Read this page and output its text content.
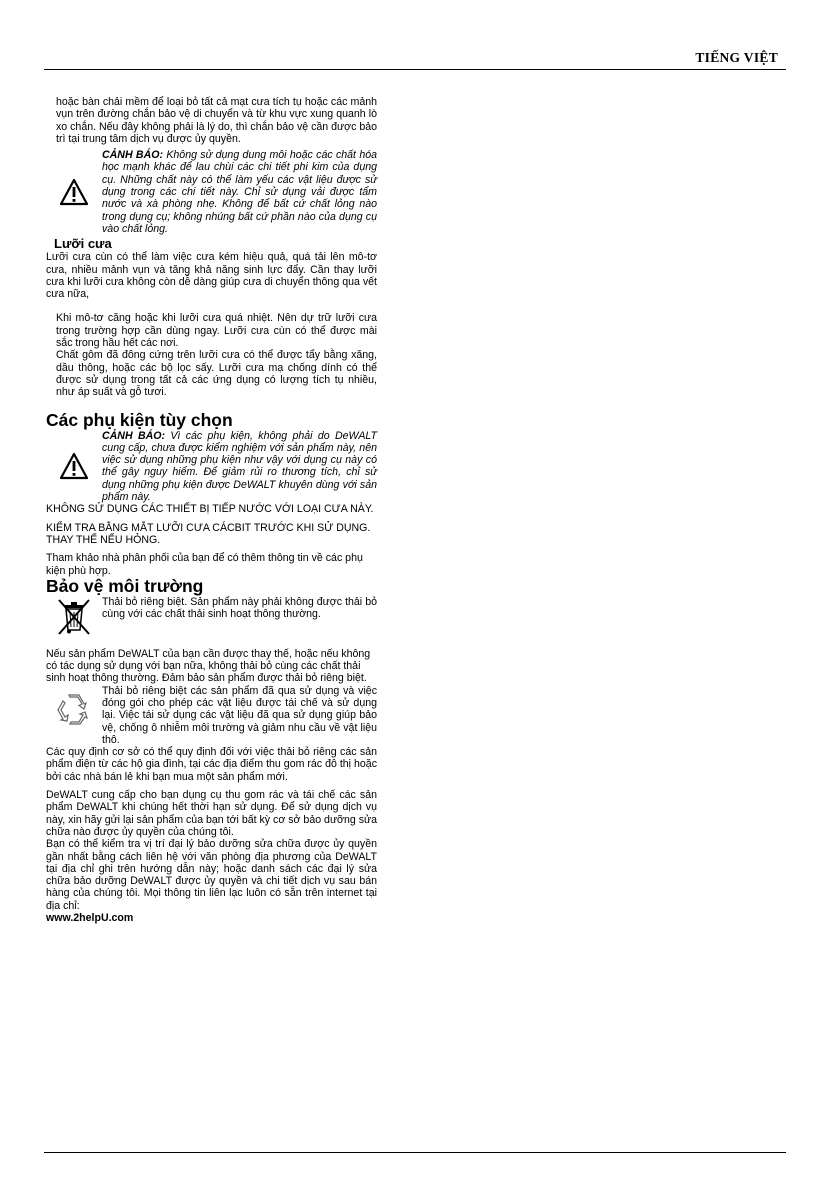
TIẾNG VIỆT

hoặc bàn chải mềm để loại bỏ tất cả mạt cưa tích tụ hoặc các mảnh vụn trên đường chắn bảo vệ di chuyển và từ khu vực xung quanh lò xo chắn. Nếu đây không phải là lý do, thì chắn bảo vệ cần được bảo trì tại trung tâm dịch vụ được ủy quyền.

CẢNH BÁO: Không sử dụng dung môi hoặc các chất hóa học mạnh khác để lau chùi các chi tiết phi kim của dụng cụ. Những chất này có thể làm yếu các vật liệu được sử dụng trong các chi tiết này. Chỉ sử dụng vải được tẩm nước và xà phòng nhẹ. Không để bất cứ chất lỏng nào trong dụng cụ; không nhúng bất cứ phần nào của dụng cụ vào chất lỏng.

Lưỡi cưa

Lưỡi cưa cùn có thể làm việc cưa kém hiệu quả, quá tải lên mô-tơ cưa, nhiều mảnh vụn và tăng khả năng sinh lực đẩy. Cần thay lưỡi cưa khi lưỡi cưa không còn dễ dàng giúp cưa di chuyển thông qua vết cưa nữa,

Khi mô-tơ căng hoặc khi lưỡi cưa quá nhiệt. Nên dự trữ lưỡi cưa trong trường hợp cần dùng ngay. Lưỡi cưa cùn có thể được mài sắc trong hầu hết các nơi.

Chất gôm đã đông cứng trên lưỡi cưa có thể được tẩy bằng xăng, dầu thông, hoặc các bộ lọc sấy. Lưỡi cưa mạ chống dính có thể được sử dụng trong tất cả các ứng dụng có lượng tích tụ nhiều, như áp suất và gỗ tươi.

Các phụ kiện tùy chọn

CẢNH BÁO: Vì các phụ kiện, không phải do DeWALT cung cấp, chưa được kiểm nghiệm với sản phẩm này, nên việc sử dụng những phụ kiện như vậy với dụng cụ này có thể gây nguy hiểm. Để giảm rủi ro thương tích, chỉ sử dụng những phụ kiện được DeWALT khuyên dùng với sản phẩm này.

KHÔNG SỬ DỤNG CÁC THIẾT BỊ TIẾP NƯỚC VỚI LOẠI CƯA NÀY.

KIỂM TRA BẰNG MẮT LƯỠI CƯA CÁCBIT TRƯỚC KHI SỬ DỤNG. THAY THẾ NẾU HỎNG.

Tham khảo nhà phân phối của bạn để có thêm thông tin về các phụ kiện phù hợp.

Bảo vệ môi trường

Thải bỏ riêng biệt. Sản phẩm này phải không được thải bỏ cùng với các chất thải sinh hoạt thông thường.

Nếu sản phẩm DeWALT của bạn cần được thay thế, hoặc nếu không có tác dụng sử dụng với bạn nữa, không thải bỏ cùng các chất thải sinh hoạt thông thường. Đảm bảo sản phẩm được thải bỏ riêng biệt.

Thải bỏ riêng biệt các sản phẩm đã qua sử dụng và việc đóng gói cho phép các vật liệu được tái chế và sử dụng lại. Việc tái sử dụng các vật liệu đã qua sử dụng giúp bảo vệ, chống ô nhiễm môi trường và giảm nhu cầu về vật liệu thô.

Các quy định cơ sở có thể quy định đối với việc thải bỏ riêng các sản phẩm điện từ các hộ gia đình, tại các địa điểm thu gom rác đô thị hoặc bởi các nhà bán lẻ khi bạn mua một sản phẩm mới.

DeWALT cung cấp cho bạn dụng cụ thu gom rác và tái chế các sản phẩm DeWALT khi chúng hết thời hạn sử dụng. Để sử dụng dịch vụ này, xin hãy gửi lại sản phẩm của bạn tới bất kỳ cơ sở bảo dưỡng sửa chữa nào được ủy quyền của chúng tôi.

Bạn có thể kiểm tra vị trí đại lý bảo dưỡng sửa chữa được ủy quyền gần nhất bằng cách liên hệ với văn phòng địa phương của DeWALT tại địa chỉ ghi trên hướng dẫn này; hoặc danh sách các đại lý sửa chữa bảo dưỡng DeWALT được ủy quyền và chi tiết dịch vụ sau bán hàng của chúng tôi. Mọi thông tin liên lạc luôn có sẵn trên internet tại địa chỉ:

www.2helpU.com
